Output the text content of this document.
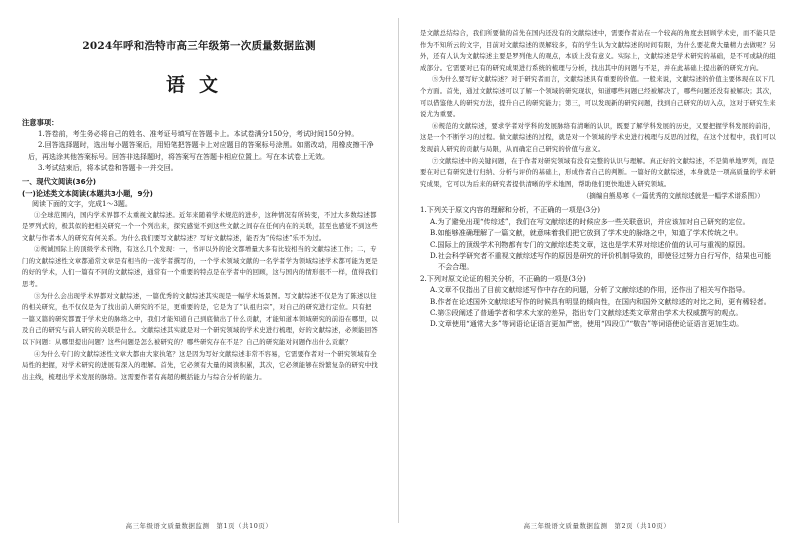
2024年呼和浩特市高三年级第一次质量数据监测
语文
注意事项：

1.答卷前，考生务必将自己的姓名、准考证号填写在答题卡上。本试卷满分150分，考试时间150分钟。

2.回答选择题时，选出每小题答案后，用铅笔把答题卡上对应题目的答案标号涂黑。如需改动，用橡皮擦干净后，再选涂其他答案标号。回答非选择题时，将答案写在答题卡相应位置上。写在本试卷上无效。

3.考试结束后，将本试卷和答题卡一并交回。

一、现代文阅读(36分)
(一)论述类文本阅读(本题共3小题，9分)
阅读下面的文字，完成1～3题。

①全球范围内，国内学术界都不太重视文献综述。近年来随着学术规范的进步，这种情况有所转变，不过大多数综述都是罗列式的，极其似的把相关研究一个一个列出来，探究感觉不到这些文献之间存在任何内在的关联，甚至也感觉不到这些文献与作者本人的研究有何关系。为什么我们要写文献综述？写好文献综述，能否为“传综述”乐不为过。

②规诚国际上的顶级学术刊物，有这么几个发现：一，书评以外的论文都增量大多有比较相当的文献综述工作；二，专门的文献综述性文章都通常文章是有相当的一流学者撰写的，一个学术领域文献的一名学者学为领域综述学术都可能为更是的好的学术，人们一篇有不同的文献综述，通常有一个重要的特点是在学者中的回顾，这与国内的情形很不一样，值得我们思考。

③为什么会出现学术界都对文献综述，一篇优秀的文献综述其实现是一幅学术场景图。写文献综述不仅是为了陈述以往的相关研究，也不仅仅是为了找出前人研究的不足，更重要的是，它是为了“认祖归宗”，对自己的研究进行定位。只有把一篇又篇的研究都置于学术史的脉络之中，我们才能知道自己到底做出了什么贡献，才能知道本领域研究的前沿在哪里，以及自己的研究与前人研究的关联是什么。文献综述其实就是对一个研究领域的学术史进行梳理，好的文献综述，必须能回答以下问题：从哪里提出问题？这些问题是怎么被研究的？哪些研究存在不足？自己的研究能对问题作出什么贡献？

④为什么专门的文献综述性文章大都由大家执笔？这是因为写好文献综述非常不容易，它需要作者对一个研究领域有全局性的把握，对学术研究的进展有深入的理解。首先，它必须有大量的阅读积累，其次，它必须能够在纷繁复杂的研究中找出主线，梳理出学术发展的脉络。这需要作者有高超的概括能力与综合分析的能力。

高三年级语文质量数据监测　第1页（共10页）

是文献总结综合，我们所要做的首先在国内还没有的文献综述中，需要作者站在一个较高的角度去回顾学术史，而不能只是作为不知所云的文字，目前对文献综述的误解较多，有的学生认为文献综述的时间有限，为什么要花费大量精力去做呢？另外，还有人认为文献综述主要是罗列他人的观点，本质上没有意义。实际上，文献综述是学术研究的基础，是不可或缺的组成部分。它需要对已有的研究成果进行系统的梳理与分析，找出其中的问题与不足，并在此基础上提出新的研究方向。

⑤为什么要写好文献综述？对于研究者而言，文献综述具有重要的价值。一般来说，文献综述的价值主要体现在以下几个方面。首先，通过文献综述可以了解一个领域的研究现状，知道哪些问题已经被解决了，哪些问题还没有被解决；其次，可以借鉴他人的研究方法，提升自己的研究能力；第三，可以发现新的研究问题，找到自己研究的切入点，这对于研究生来说尤为重要。

⑥规范的文献综述，要求学者对学科的发展脉络有清晰的认识，既要了解学科发展的历史，又要把握学科发展的前沿，这是一个不断学习的过程。做文献综述的过程，就是对一个领域的学术史进行梳理与反思的过程，在这个过程中，我们可以发现前人研究的贡献与局限，从而确定自己研究的价值与意义。

⑦文献综述中的关键问题，在于作者对研究领域有没有完整的认识与理解。真正好的文献综述，不是简单地罗列，而是要在对已有研究进行归纳、分析与评价的基础上，形成作者自己的判断。一篇好的文献综述，本身就是一项高质量的学术研究成果，它可以为后来的研究者提供清晰的学术地图，帮助他们更快地进入研究领域。

（摘编自熊易寒《一篇优秀的文献综述就是一幅学术谱系图》）

1.下列关于原文内容的理解和分析，不正确的一项是(3分)

A.为了避免出现“传综述”，我们在写文献综述的时候应多一些关联意识，并应该加对自己研究的定位。

B.如能够准确理解了一篇文献，就意味着我们把它放到了学术史的脉络之中，知道了学术传统之中。

C.国际上的顶级学术刊物都有专门的文献综述类文章，这也是学术界对综述价值的认可与重视的原因。

D.社会科学研究者不重视文献综述写作的原因是研究的评价机制导致的，即使径过努力自行写作，结果也可能不会合理。

2.下列对原文论证的相关分析，不正确的一项是(3分)

A.文章不仅指出了目前文献综述写作中存在的问题，分析了文献综述的作用，还作出了相关写作指导。

B.作者在论述国外文献综述写作的时候具有明显的倾向性，在国内和国外文献综述的对比之间，更有稀轻者。

C.第⑤段阐述了普通学者和学术大家的差异，指出专门文献综述类文章常由学术大权威撰写的观点。

D.文章使用“通常大多”等词语论证语言更加严密，使用“四段①”“敬告”等词语使论证语言更加生动。

高三年级语文质量数据监测　第2页（共10页）
